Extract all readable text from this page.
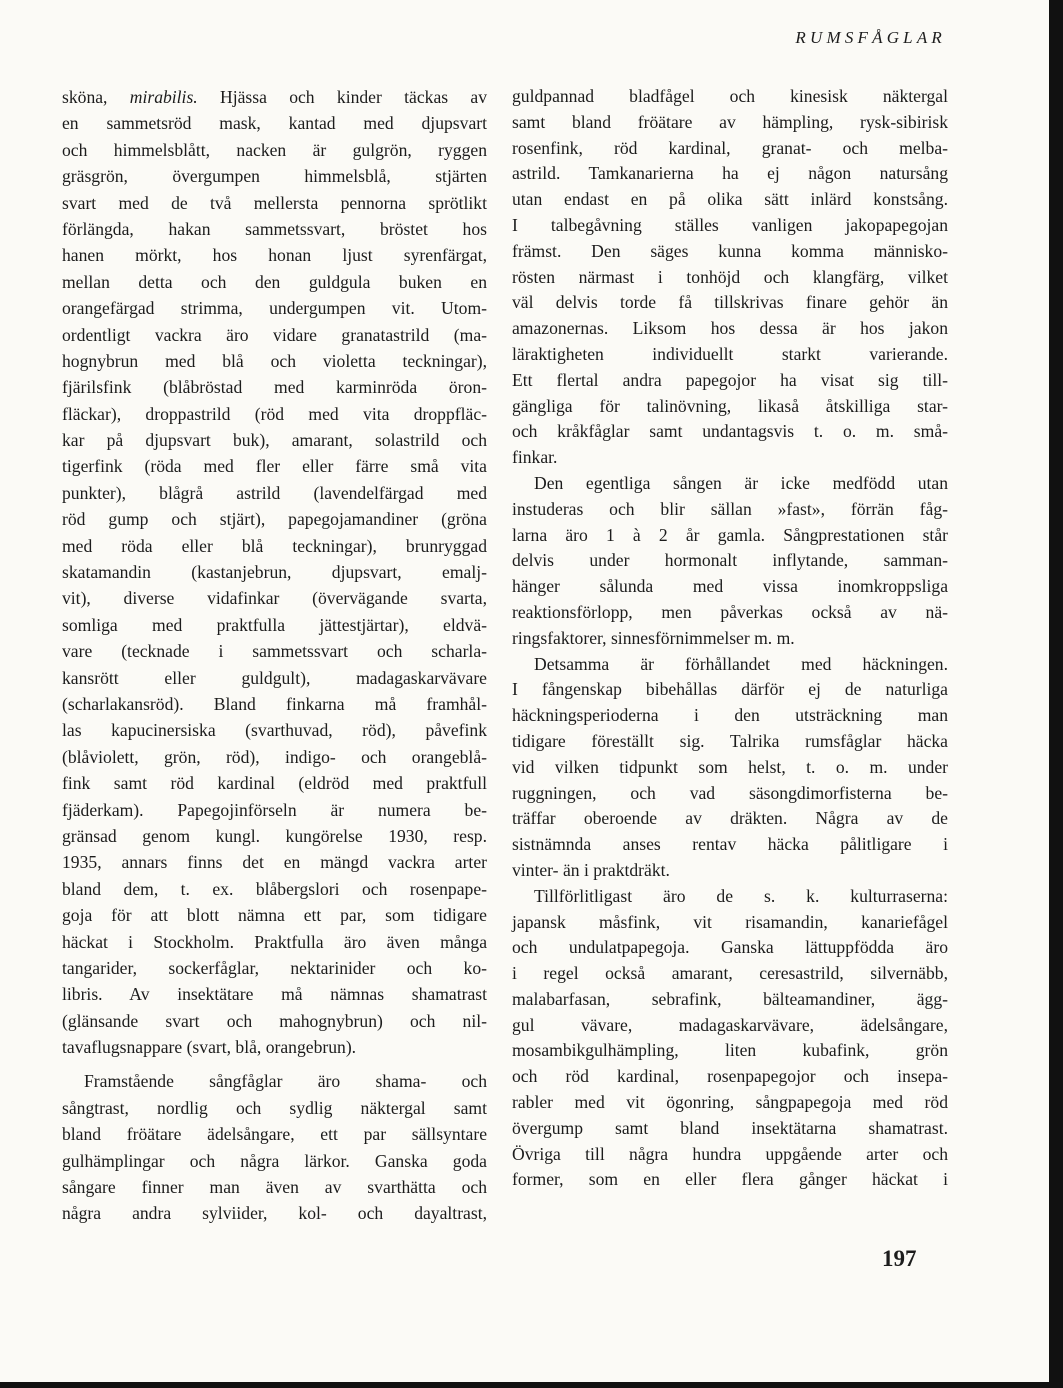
RUMSFÅGLAR
sköna, mirabilis. Hjässa och kinder täckas av
en sammetsröd mask, kantad med djupsvart
och himmelsblått, nacken är gulgrön, ryggen
gräsgrön, övergumpen himmelsblå, stjärten
svart med de två mellersta pennorna sprötlikt
förlängda, hakan sammetssvart, bröstet hos
hanen mörkt, hos honan ljust syrenfärgat,
mellan detta och den guldgula buken en
orangefärgad strimma, undergumpen vit. Utom-
ordentligt vackra äro vidare granatastrild (ma-
hognybrun med blå och violetta teckningar),
fjärilsfink (blåbröstad med karminröda öron-
fläckar), droppastrild (röd med vita droppfläc-
kar på djupsvart buk), amarant, solastrild och
tigerfink (röda med fler eller färre små vita
punkter), blågrå astrild (lavendelfärgad med
röd gump och stjärt), papegojamandiner (gröna
med röda eller blå teckningar), brunryggad
skatamandin (kastanjebrun, djupsvart, emalj-
vit), diverse vidafinkar (övervägande svarta,
somliga med praktfulla jättestjärtar), eldvä-
vare (tecknade i sammetssvart och scharla-
kansrött eller guldgult), madagaskarvävare
(scharlakansröd). Bland finkarna må framhål-
las kapucinersiska (svarthuvad, röd), påvefink
(blåviolett, grön, röd), indigo- och orangeblå-
fink samt röd kardinal (eldröd med praktfull
fjäderkam). Papegojinförseln är numera be-
gränsad genom kungl. kungörelse 1930, resp.
1935, annars finns det en mängd vackra arter
bland dem, t. ex. blåbergslori och rosenpape-
goja för att blott nämna ett par, som tidigare
häckat i Stockholm. Praktfulla äro även många
tangarider, sockerfåglar, nektarinider och ko-
libris. Av insektätare må nämnas shamatrast
(glänsande svart och mahognybrun) och nil-
tavaflugsnappare (svart, blå, orangebrun).
Framstående sångfåglar äro shama- och
sångtrast, nordlig och sydlig näktergal samt
bland fröätare ädelsångare, ett par sällsyntare
gulhämplingar och några lärkor. Ganska goda
sångare finner man även av svarthätta och
några andra sylviider, kol- och dayaltrast,
guldpannad bladfågel och kinesisk näktergal
samt bland fröätare av hämpling, rysk-sibirisk
rosenfink, röd kardinal, granat- och melba-
astrild. Tamkanarierna ha ej någon natursång
utan endast en på olika sätt inlärd konstsång.
I talbegåvning ställes vanligen jakopapegojan
främst. Den säges kunna komma människo-
rösten närmast i tonhöjd och klangfärg, vilket
väl delvis torde få tillskrivas finare gehör än
amazonernas. Liksom hos dessa är hos jakon
läraktigheten individuellt starkt varierande.
Ett flertal andra papegojor ha visat sig till-
gängliga för talinövning, likaså åtskilliga star-
och kråkfåglar samt undantagsvis t. o. m. små-
finkar.
Den egentliga sången är icke medfödd utan
instuderas och blir sällan »fast», förrän fåg-
larna äro 1 à 2 år gamla. Sångprestationen står
delvis under hormonalt inflytande, samman-
hänger sålunda med vissa inomkroppsliga
reaktionsförlopp, men påverkas också av nä-
ringsfaktorer, sinnesförnimmelser m. m.
Detsamma är förhållandet med häckningen.
I fångenskap bibehållas därför ej de naturliga
häckningsperioderna i den utsträckning man
tidigare föreställt sig. Talrika rumsfåglar häcka
vid vilken tidpunkt som helst, t. o. m. under
ruggningen, och vad säsongdimorfisterna be-
träffar oberoende av dräkten. Några av de
sistnämnda anses rentav häcka pålitligare i
vinter- än i praktdräkt.
Tillförlitligast äro de s. k. kulturraserna:
japansk måsfink, vit risamandin, kanariefågel
och undulatpapegoja. Ganska lättuppfödda äro
i regel också amarant, ceresastrild, silvernäbb,
malabarfasan, sebrafink, bälteamandiner, ägg-
gul vävare, madagaskarvävare, ädelsångare,
mosambikgulhämpling, liten kubafink, grön
och röd kardinal, rosenpapegojor och insepa-
rabler med vit ögonring, sångpapegoja med röd
övergump samt bland insektätarna shamatrast.
Övriga till några hundra uppgående arter och
former, som en eller flera gånger häckat i
197
